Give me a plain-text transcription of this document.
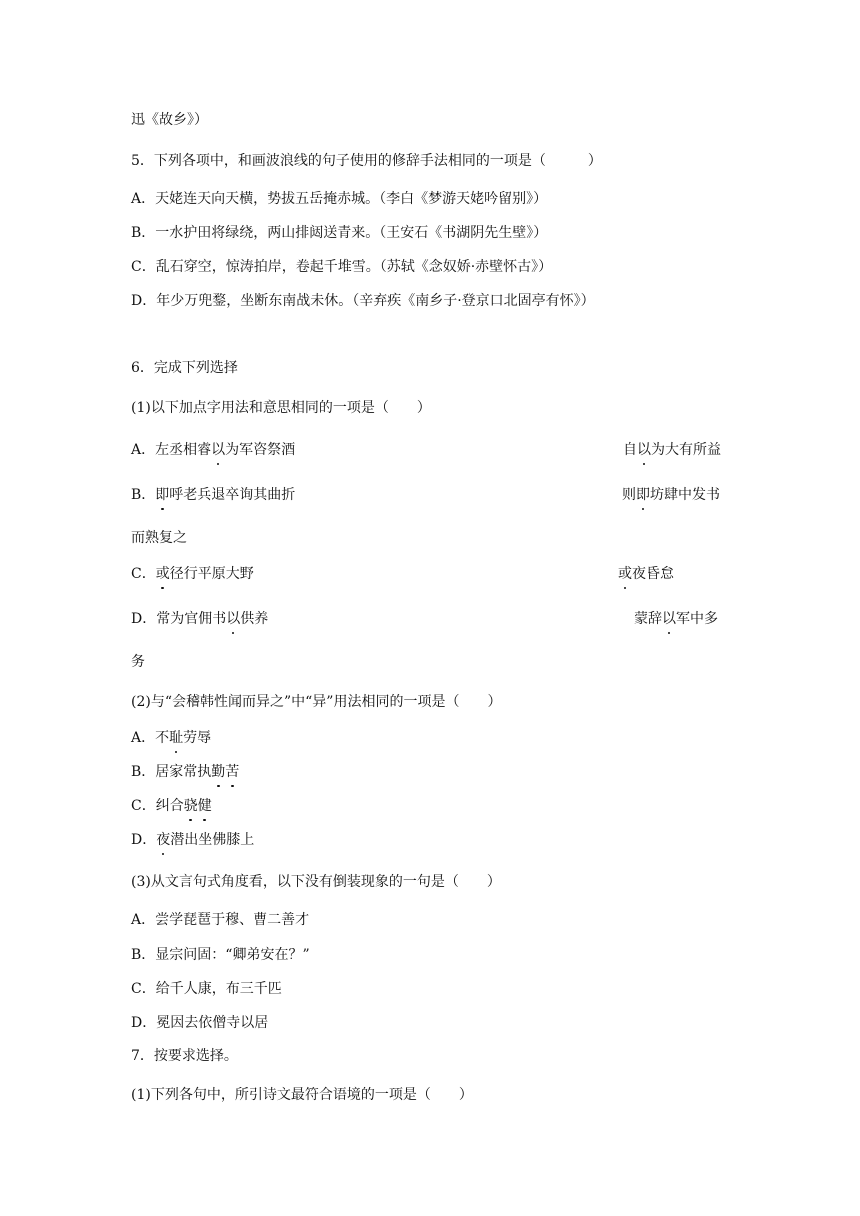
迅《故乡》）
5．下列各项中，和画波浪线的句子使用的修辞手法相同的一项是（　　　）
A．天姥连天向天横，势拔五岳掩赤城。（李白《梦游天姥吟留别》）
B．一水护田将绿绕，两山排闼送青来。（王安石《书湖阴先生壁》）
C．乱石穿空，惊涛拍岸，卷起千堆雪。（苏轼《念奴娇·赤壁怀古》）
D．年少万兜鍪，坐断东南战未休。（辛弃疾《南乡子·登京口北固亭有怀》）
6．完成下列选择
(1)以下加点字用法和意思相同的一项是（　　）
A．左丞相睿以为军咨祭酒	自以为大有所益
B．即呼老兵退卒询其曲折	则即坊肆中发书
而熟复之
C．或径行平原大野	或夜昏怠
D．常为官佣书以供养	蒙辞以军中多
务
(2)与“会稽韩性闻而异之”中“异”用法相同的一项是（　　）
A．不耻劳辱
B．居家常执勤苦
C．纠合骁健
D．夜潜出坐佛膝上
(3)从文言句式角度看，以下没有倒装现象的一句是（　　）
A．尝学琵琶于穆、曹二善才
B．显宗问固：“卿弟安在？”
C．给千人康，布三千匹
D．冕因去依僧寺以居
7．按要求选择。
(1)下列各句中，所引诗文最符合语境的一项是（　　）
